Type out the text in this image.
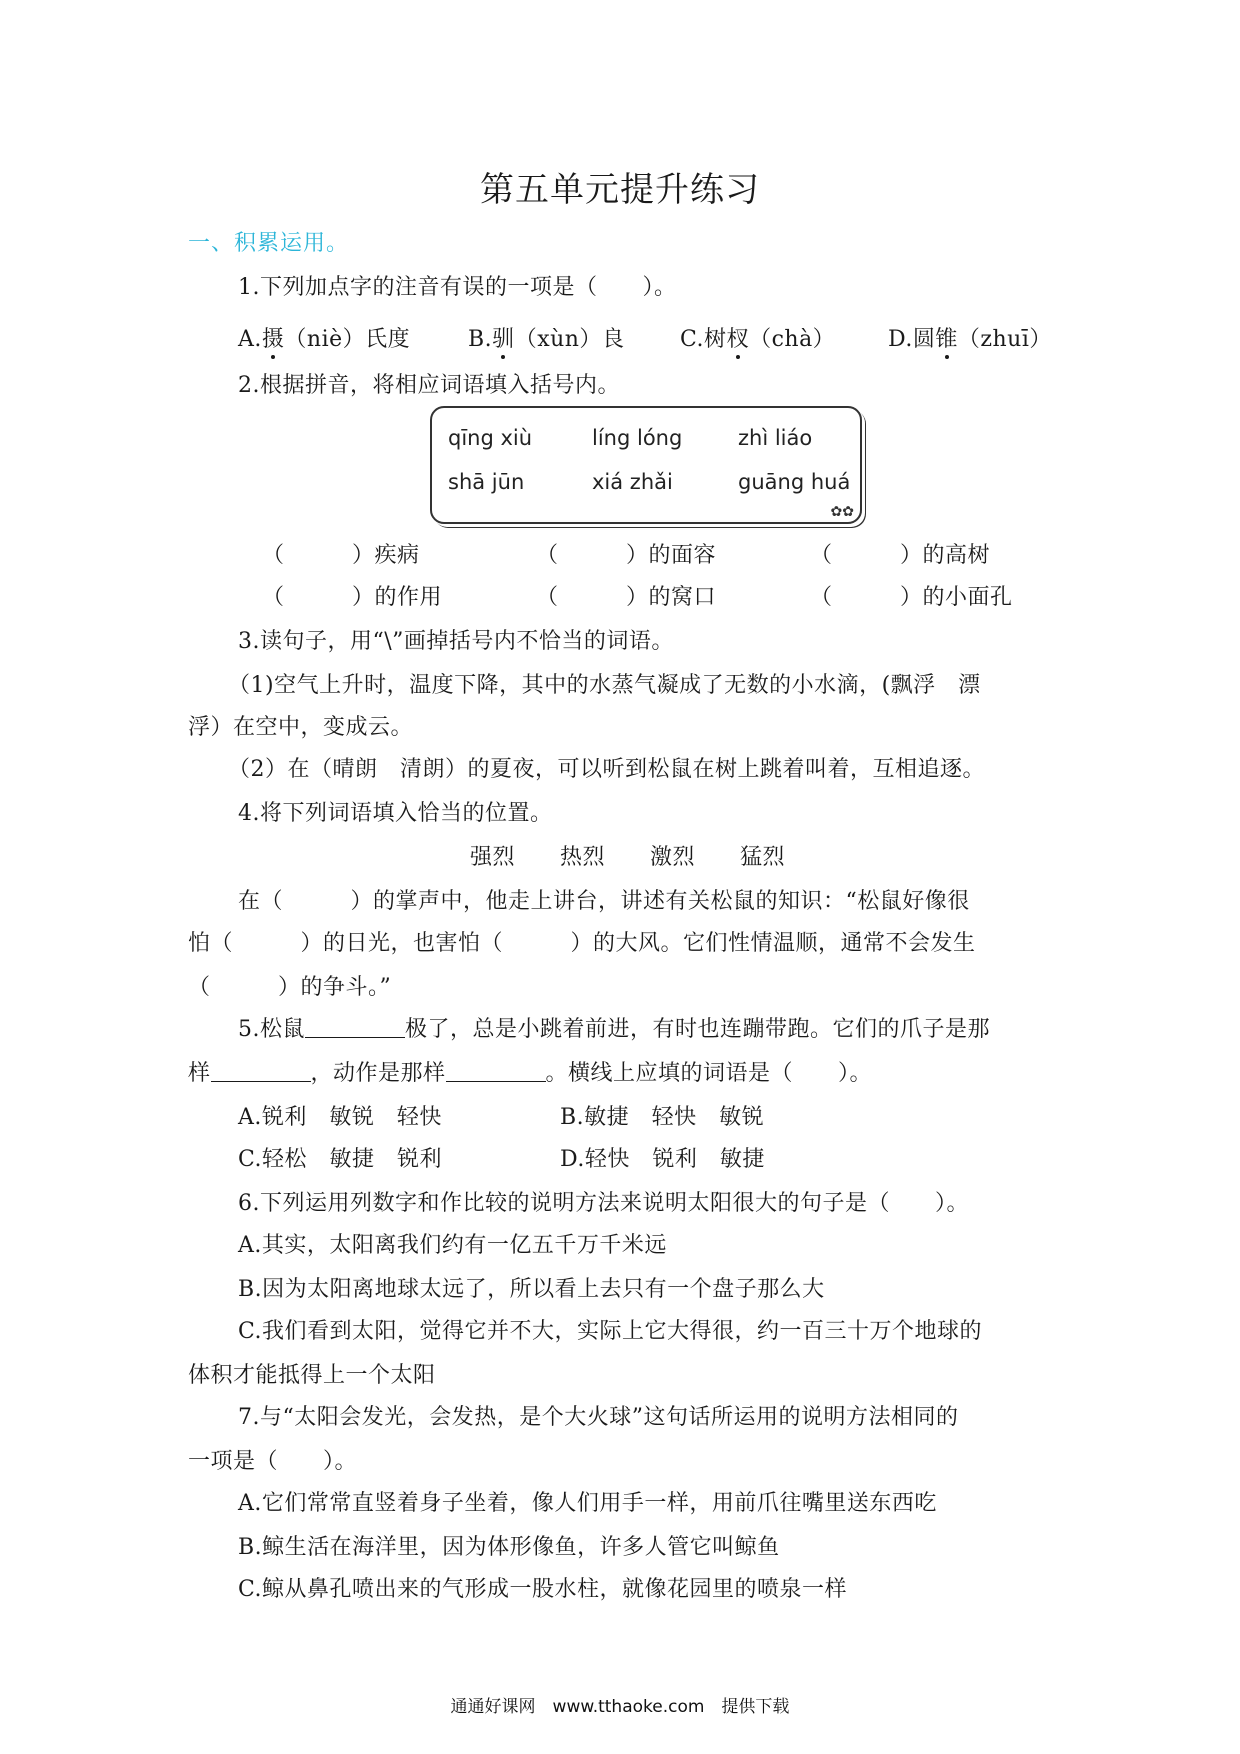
第五单元提升练习
一、积累运用。
1.下列加点字的注音有误的一项是（　　）。
A.摄（niè）氏度	B.驯（xùn）良	C.树杈（chà） D.圆锥（zhuī）
2.根据拼音，将相应词语填入括号内。
qīng xiù	líng lóng	zhì liáo
shā jūn	xiá zhǎi	guāng huá
✿✿
（　　　）疾病	（　　　）的面容	（　　　）的高树
（　　　）的作用	（　　　）的窝口	（　　　）的小面孔
3.读句子，用“\”画掉括号内不恰当的词语。
（1)空气上升时，温度下降，其中的水蒸气凝成了无数的小水滴，(飘浮　漂
浮）在空中，变成云。
（2）在（晴朗　清朗）的夏夜，可以听到松鼠在树上跳着叫着，互相追逐。
4.将下列词语填入恰当的位置。
强烈　　热烈　　激烈　　猛烈
在（　　　）的掌声中，他走上讲台，讲述有关松鼠的知识：“松鼠好像很
怕（　　　）的日光，也害怕（　　　）的大风。它们性情温顺，通常不会发生
（　　　）的争斗。”
5.松鼠	极了，总是小跳着前进，有时也连蹦带跑。它们的爪子是那
样	，动作是那样	。横线上应填的词语是（　　）。
A.锐利　敏锐　轻快	B.敏捷　轻快　敏锐
C.轻松　敏捷　锐利	D.轻快　锐利　敏捷
6.下列运用列数字和作比较的说明方法来说明太阳很大的句子是（　　）。
A.其实，太阳离我们约有一亿五千万千米远
B.因为太阳离地球太远了，所以看上去只有一个盘子那么大
C.我们看到太阳，觉得它并不大，实际上它大得很，约一百三十万个地球的
体积才能抵得上一个太阳
7.与“太阳会发光，会发热，是个大火球”这句话所运用的说明方法相同的
一项是（　　）。
A.它们常常直竖着身子坐着，像人们用手一样，用前爪往嘴里送东西吃
B.鲸生活在海洋里，因为体形像鱼，许多人管它叫鲸鱼
C.鲸从鼻孔喷出来的气形成一股水柱，就像花园里的喷泉一样
通通好课网　www.tthaoke.com　提供下载
